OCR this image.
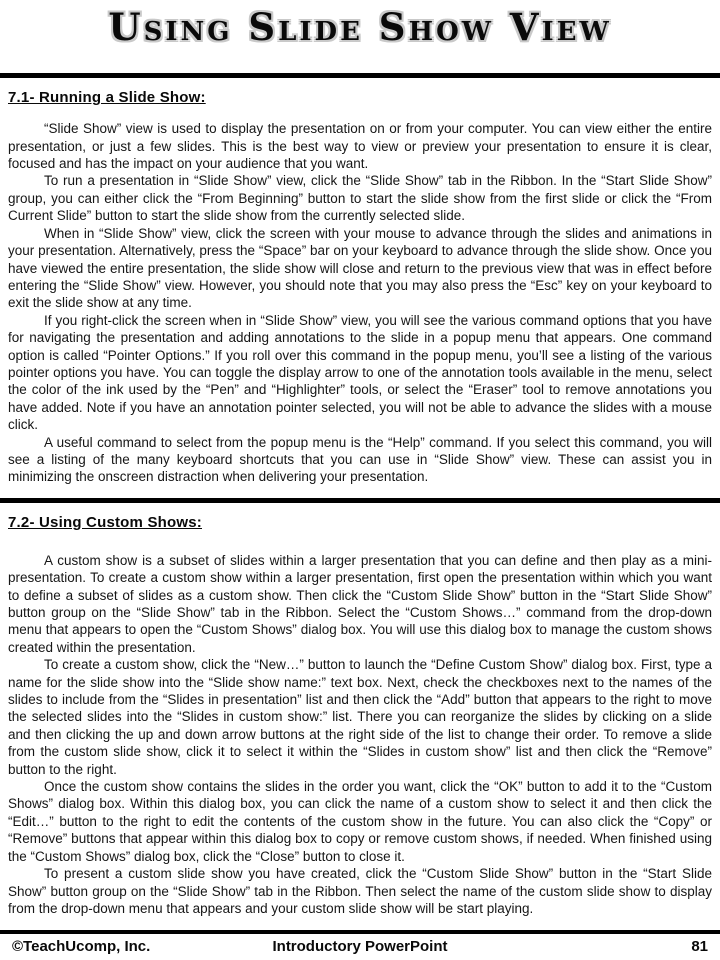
Using Slide Show View
7.1- Running a Slide Show:

“Slide Show” view is used to display the presentation on or from your computer. You can view either the entire presentation, or just a few slides. This is the best way to view or preview your presentation to ensure it is clear, focused and has the impact on your audience that you want.

To run a presentation in “Slide Show” view, click the “Slide Show” tab in the Ribbon. In the “Start Slide Show” group, you can either click the “From Beginning” button to start the slide show from the first slide or click the “From Current Slide” button to start the slide show from the currently selected slide.

When in “Slide Show” view, click the screen with your mouse to advance through the slides and animations in your presentation. Alternatively, press the “Space” bar on your keyboard to advance through the slide show. Once you have viewed the entire presentation, the slide show will close and return to the previous view that was in effect before entering the “Slide Show” view. However, you should note that you may also press the “Esc” key on your keyboard to exit the slide show at any time.

If you right-click the screen when in “Slide Show” view, you will see the various command options that you have for navigating the presentation and adding annotations to the slide in a popup menu that appears. One command option is called “Pointer Options.” If you roll over this command in the popup menu, you’ll see a listing of the various pointer options you have. You can toggle the display arrow to one of the annotation tools available in the menu, select the color of the ink used by the “Pen” and “Highlighter” tools, or select the “Eraser” tool to remove annotations you have added. Note if you have an annotation pointer selected, you will not be able to advance the slides with a mouse click.

A useful command to select from the popup menu is the “Help” command. If you select this command, you will see a listing of the many keyboard shortcuts that you can use in “Slide Show” view. These can assist you in minimizing the onscreen distraction when delivering your presentation.

7.2- Using Custom Shows:

A custom show is a subset of slides within a larger presentation that you can define and then play as a mini-presentation. To create a custom show within a larger presentation, first open the presentation within which you want to define a subset of slides as a custom show. Then click the “Custom Slide Show” button in the “Start Slide Show” button group on the “Slide Show” tab in the Ribbon. Select the “Custom Shows…” command from the drop-down menu that appears to open the “Custom Shows” dialog box. You will use this dialog box to manage the custom shows created within the presentation.

To create a custom show, click the “New…” button to launch the “Define Custom Show” dialog box. First, type a name for the slide show into the “Slide show name:” text box. Next, check the checkboxes next to the names of the slides to include from the “Slides in presentation” list and then click the “Add” button that appears to the right to move the selected slides into the “Slides in custom show:” list. There you can reorganize the slides by clicking on a slide and then clicking the up and down arrow buttons at the right side of the list to change their order. To remove a slide from the custom slide show, click it to select it within the “Slides in custom show” list and then click the “Remove” button to the right.

Once the custom show contains the slides in the order you want, click the “OK” button to add it to the “Custom Shows” dialog box. Within this dialog box, you can click the name of a custom show to select it and then click the “Edit…” button to the right to edit the contents of the custom show in the future. You can also click the “Copy” or “Remove” buttons that appear within this dialog box to copy or remove custom shows, if needed. When finished using the “Custom Shows” dialog box, click the “Close” button to close it.

To present a custom slide show you have created, click the “Custom Slide Show” button in the “Start Slide Show” button group on the “Slide Show” tab in the Ribbon. Then select the name of the custom slide show to display from the drop-down menu that appears and your custom slide show will be start playing.

©TeachUcomp, Inc.	Introductory PowerPoint	81
